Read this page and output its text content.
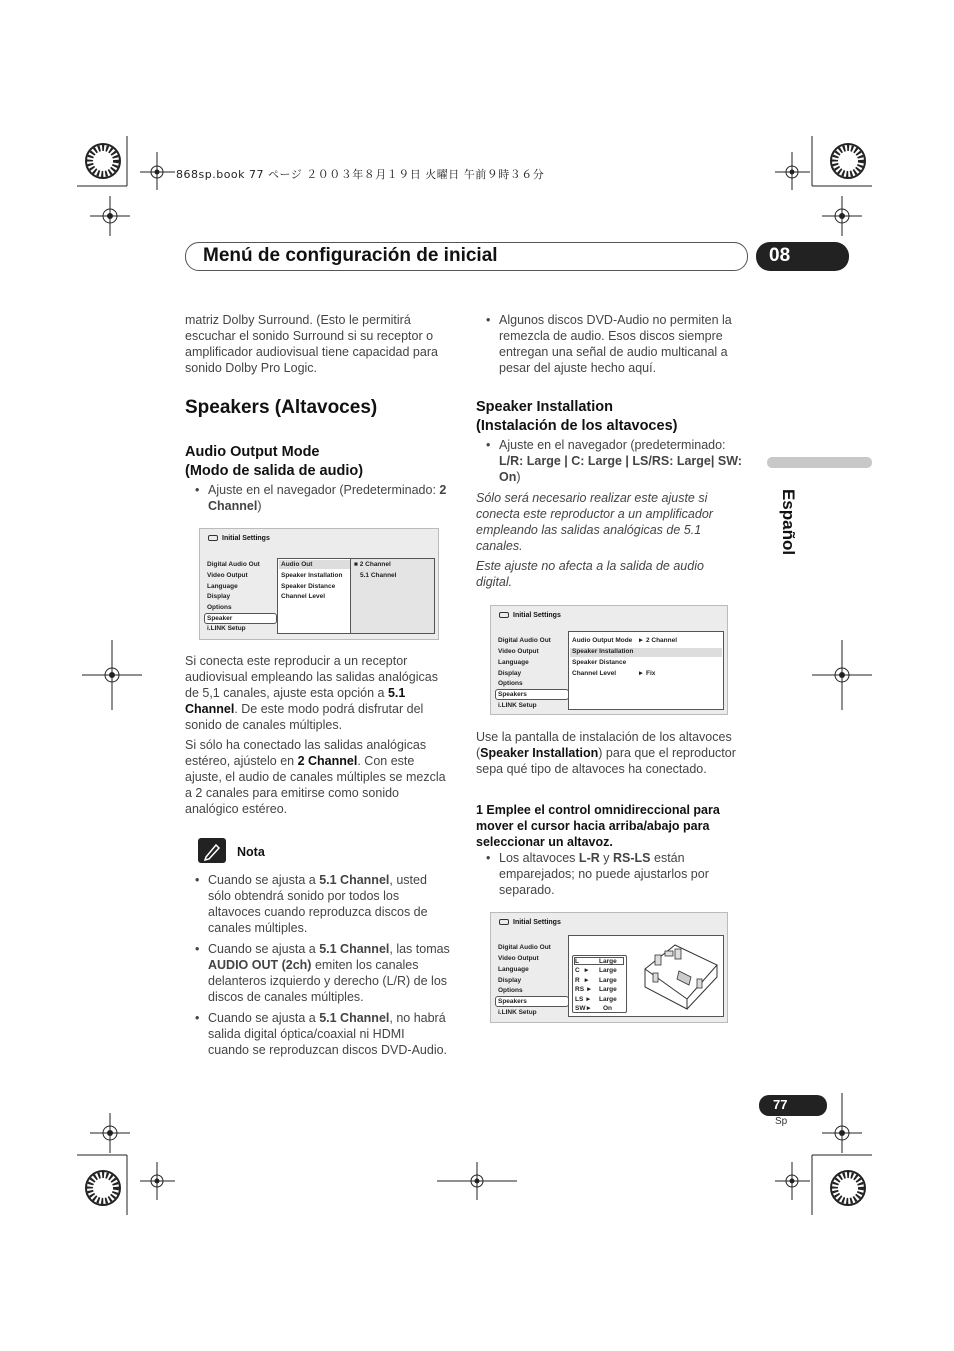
868sp.book 77 ページ ２００３年８月１９日 火曜日 午前９時３６分
Menú de configuración de inicial	08
Español
matriz Dolby Surround. (Esto le permitirá escuchar el sonido Surround si su receptor o amplificador audiovisual tiene capacidad para sonido Dolby Pro Logic.
Speakers (Altavoces)
Audio Output Mode
(Modo de salida de audio)
• Ajuste en el navegador (Predeterminado: 2 Channel)
Initial Settings
Digital Audio Out
Video Output
Language
Display
Options
Speaker
i.LINK Setup
Audio Out
Speaker Installation
Speaker Distance
Channel Level
■ 2 Channel
5.1 Channel
Si conecta este reproducir a un receptor audiovisual empleando las salidas analógicas de 5,1 canales, ajuste esta opción a 5.1 Channel. De este modo podrá disfrutar del sonido de canales múltiples.
Si sólo ha conectado las salidas analógicas estéreo, ajústelo en 2 Channel. Con este ajuste, el audio de canales múltiples se mezcla a 2 canales para emitirse como sonido analógico estéreo.
Nota
• Cuando se ajusta a 5.1 Channel, usted sólo obtendrá sonido por todos los altavoces cuando reproduzca discos de canales múltiples.
• Cuando se ajusta a 5.1 Channel, las tomas AUDIO OUT (2ch) emiten los canales delanteros izquierdo y derecho (L/R) de los discos de canales múltiples.
• Cuando se ajusta a 5.1 Channel, no habrá salida digital óptica/coaxial ni HDMI cuando se reproduzcan discos DVD-Audio.
• Algunos discos DVD-Audio no permiten la remezcla de audio. Esos discos siempre entregan una señal de audio multicanal a pesar del ajuste hecho aquí.
Speaker Installation
(Instalación de los altavoces)
• Ajuste en el navegador (predeterminado: L/R: Large | C: Large | LS/RS: Large| SW: On)
Sólo será necesario realizar este ajuste si conecta este reproductor a un amplificador empleando las salidas analógicas de 5.1 canales.
Este ajuste no afecta a la salida de audio digital.
Initial Settings
Digital Audio Out
Video Output
Language
Display
Options
Speakers
i.LINK Setup
Audio Output Mode   ► 2 Channel
Speaker Installation
Speaker Distance
Channel Level            ► Fix
Use la pantalla de instalación de los altavoces (Speaker Installation) para que el reproductor sepa qué tipo de altavoces ha conectado.
1 Emplee el control omnidireccional para mover el cursor hacia arriba/abajo para seleccionar un altavoz.
• Los altavoces L-R y RS-LS están emparejados; no puede ajustarlos por separado.
Initial Settings
Digital Audio Out
Video Output
Language
Display
Options
Speakers
i.LINK Setup
L	Large
C  ► Large
R  ► Large
RS ► Large
LS ► Large
SW► On
77
Sp
